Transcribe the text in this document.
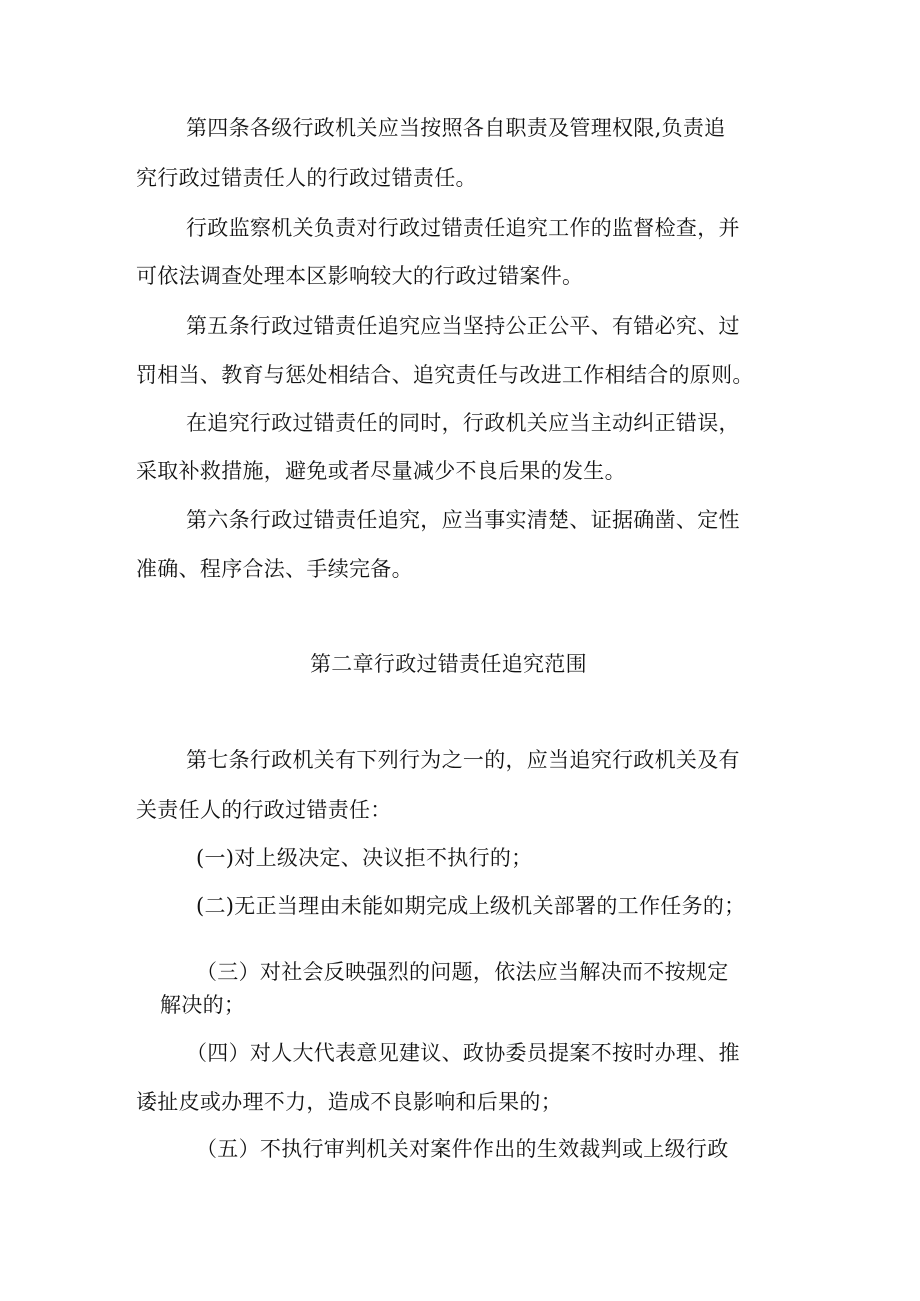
第四条各级行政机关应当按照各自职责及管理权限,负责追
究行政过错责任人的行政过错责任。
行政监察机关负责对行政过错责任追究工作的监督检查，并
可依法调查处理本区影响较大的行政过错案件。
第五条行政过错责任追究应当坚持公正公平、有错必究、过
罚相当、教育与惩处相结合、追究责任与改进工作相结合的原则。
在追究行政过错责任的同时，行政机关应当主动纠正错误，
采取补救措施，避免或者尽量减少不良后果的发生。
第六条行政过错责任追究，应当事实清楚、证据确凿、定性
准确、程序合法、手续完备。
第二章行政过错责任追究范围
第七条行政机关有下列行为之一的，应当追究行政机关及有
关责任人的行政过错责任：
(一)对上级决定、决议拒不执行的；
(二)无正当理由未能如期完成上级机关部署的工作任务的；
（三）对社会反映强烈的问题，依法应当解决而不按规定
解决的；
（四）对人大代表意见建议、政协委员提案不按时办理、推
诿扯皮或办理不力，造成不良影响和后果的；
（五）不执行审判机关对案件作出的生效裁判或上级行政
